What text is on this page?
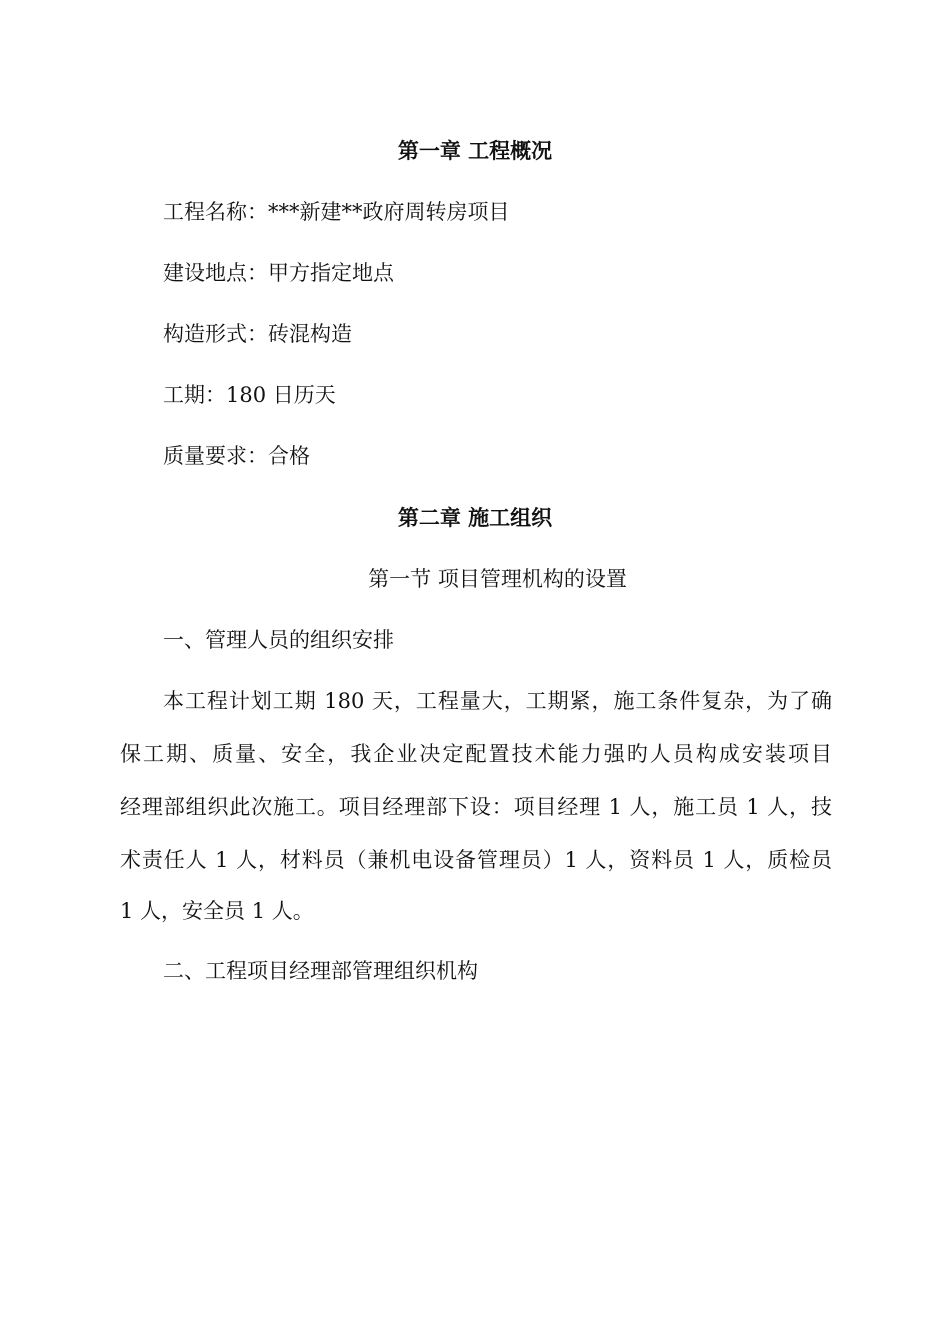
第一章 工程概况
工程名称：***新建**政府周转房项目
建设地点：甲方指定地点
构造形式：砖混构造
工期：180 日历天
质量要求：合格
第二章 施工组织
第一节 项目管理机构的设置
一、管理人员的组织安排
本工程计划工期 180 天，工程量大，工期紧，施工条件复杂，为了确
保工期、质量、安全，我企业决定配置技术能力强旳人员构成安装项目
经理部组织此次施工。项目经理部下设：项目经理 1 人，施工员 1 人，技
术责任人 1 人，材料员（兼机电设备管理员）1 人，资料员 1 人，质检员
1 人，安全员 1 人。
二、工程项目经理部管理组织机构
